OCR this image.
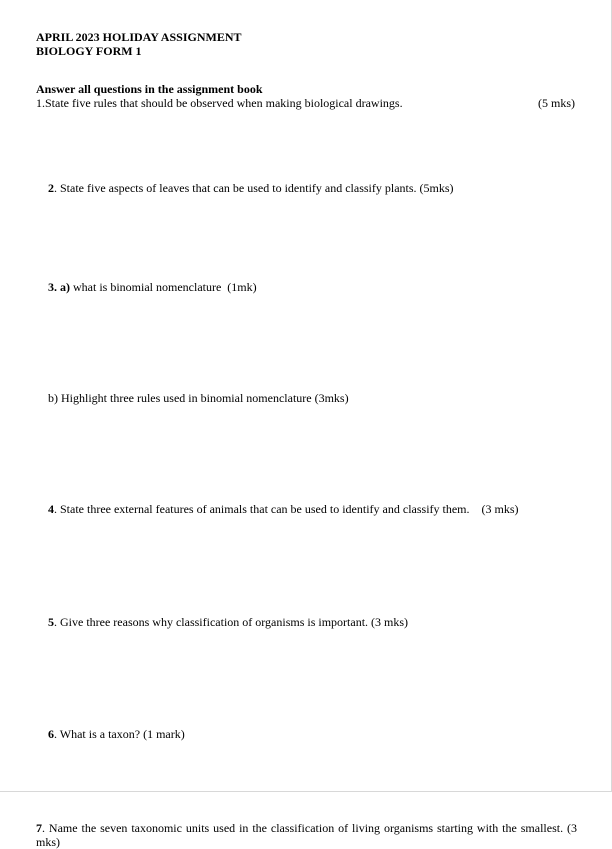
APRIL 2023 HOLIDAY ASSIGNMENT
BIOLOGY FORM 1
Answer all questions in the assignment book
1.State five rules that should be observed when making biological drawings.	(5 mks)

2. State five aspects of leaves that can be used to identify and classify plants. (5mks)

3. a) what is binomial nomenclature  (1mk)

b) Highlight three rules used in binomial nomenclature (3mks)

4. State three external features of animals that can be used to identify and classify them.    (3 mks)

5. Give three reasons why classification of organisms is important. (3 mks)

6. What is a taxon? (1 mark)

7. Name the seven taxonomic units used in the classification of living organisms starting with the smallest. (3 mks)
